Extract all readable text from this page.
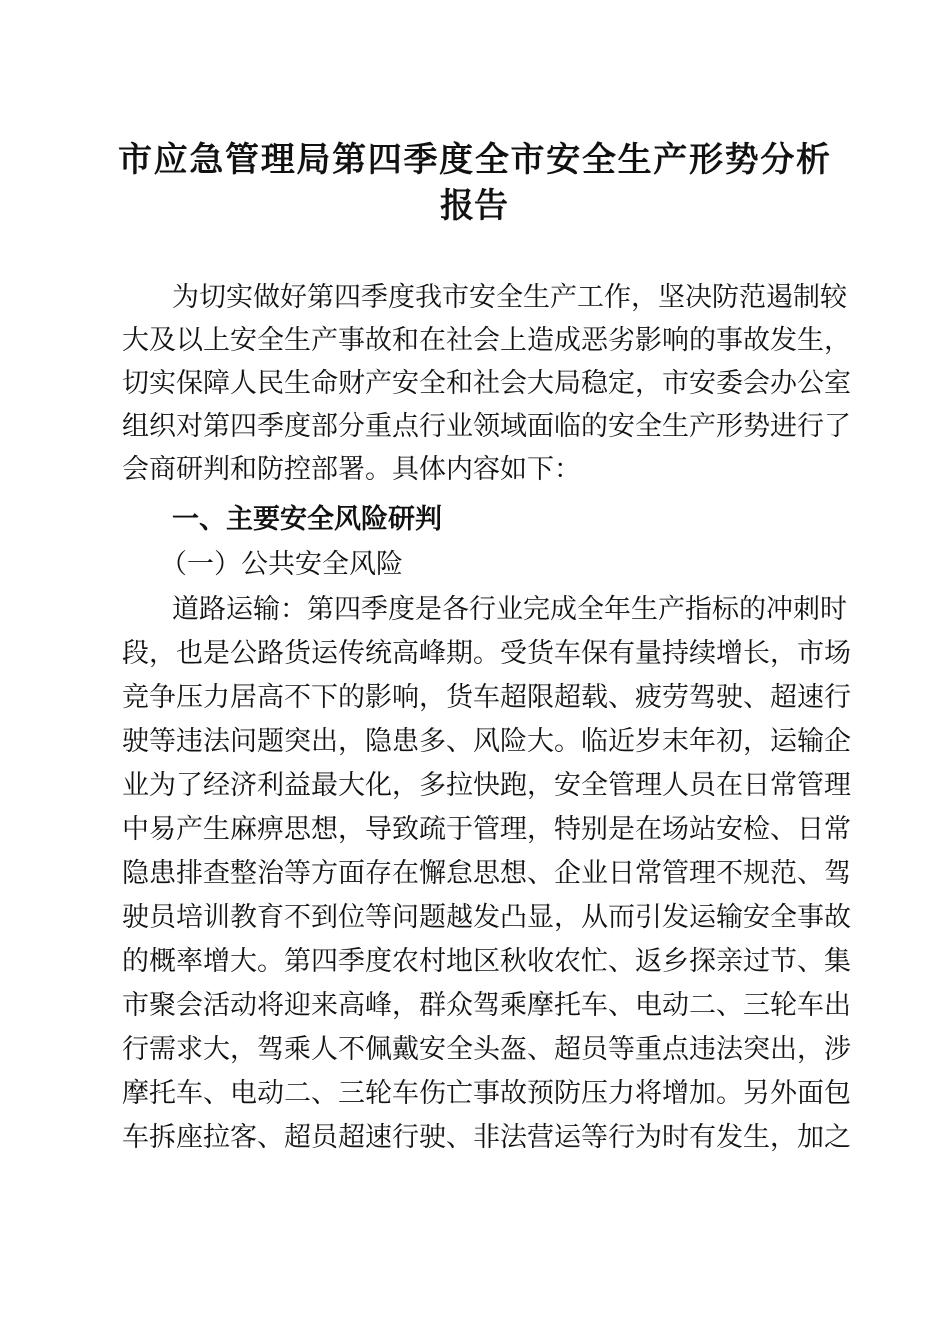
市应急管理局第四季度全市安全生产形势分析
报告
为切实做好第四季度我市安全生产工作，坚决防范遏制较
大及以上安全生产事故和在社会上造成恶劣影响的事故发生，
切实保障人民生命财产安全和社会大局稳定，市安委会办公室
组织对第四季度部分重点行业领域面临的安全生产形势进行了
会商研判和防控部署。具体内容如下：
一、主要安全风险研判
（一）公共安全风险
道路运输：第四季度是各行业完成全年生产指标的冲刺时
段，也是公路货运传统高峰期。受货车保有量持续增长，市场
竞争压力居高不下的影响，货车超限超载、疲劳驾驶、超速行
驶等违法问题突出，隐患多、风险大。临近岁末年初，运输企
业为了经济利益最大化，多拉快跑，安全管理人员在日常管理
中易产生麻痹思想，导致疏于管理，特别是在场站安检、日常
隐患排查整治等方面存在懈怠思想、企业日常管理不规范、驾
驶员培训教育不到位等问题越发凸显，从而引发运输安全事故
的概率增大。第四季度农村地区秋收农忙、返乡探亲过节、集
市聚会活动将迎来高峰，群众驾乘摩托车、电动二、三轮车出
行需求大，驾乘人不佩戴安全头盔、超员等重点违法突出，涉
摩托车、电动二、三轮车伤亡事故预防压力将增加。另外面包
车拆座拉客、超员超速行驶、非法营运等行为时有发生，加之
